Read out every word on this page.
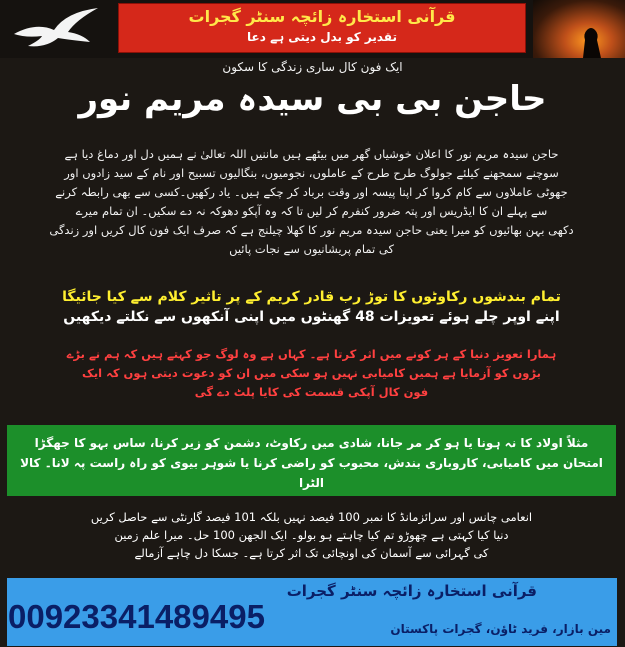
قرآنی استخارہ زائچہ سنٹر گجرات
تقدیر کو بدل دیتی ہے دعا
ایک فون کال ساری زندگی کا سکون
حاجن بی بی سیدہ مریم نور
حاجن سیدہ مریم نور کا اعلان خوشیاں گھر میں بیٹھے ہیں ماننیں اللہ تعالیٰ نے ہمیں دل اور دماغ دیا ہے
سوچنے سمجھنے کیلئے جولوگ طرح طرح کے عاملوں، نجومیوں، بنگالیوں تسبیح اور نام کے سید زادوں اور
جھوٹی عاملاوں سے کام کروا کر اپنا پیسہ اور وقت برباد کر چکے ہیں۔ یاد رکھیں۔کسی سے بھی رابطہ کرنے
سے پہلے ان کا ایڈریس اور پتہ ضرور کنفرم کر لیں تا کہ وہ آپکو دھوکہ نہ دے سکیں۔ ان تمام میرے
دکھی بہن بھائیوں کو میرا یعنی حاجن سیدہ مریم نور کا کھلا چیلنج ہے کہ صرف ایک فون کال کریں اور زندگی
کی تمام پریشانیوں سے نجات پائیں
تمام بندشوں رکاوٹوں کا توڑ رب قادر کریم کے پر تاثیر کلام سے کیا جائیگا
اپنے اوپر چلے ہوئے تعویزات 48 گھنٹوں میں اپنی آنکھوں سے نکلتے دیکھیں
ہمارا تعویز دنیا کے ہر کونے میں اثر کرتا ہے۔ کہاں ہے وہ لوگ جو کہتے ہیں کہ ہم نے بڑے
بڑوں کو آزمایا ہے ہمیں کامیابی نہیں ہو سکی میں ان کو دعوت دیتی ہوں کہ ایک
فون کال آپکی قسمت کی کایا پلٹ دے گی
مثلاً اولاد کا نہ ہونا یا ہو کر مر جانا، شادی میں رکاوٹ، دشمن کو زیر کرنا، ساس بہو کا جھگڑا
امتحان میں کامیابی، کاروباری بندش، محبوب کو راضی کرنا یا شوہر بیوی کو راہ راست پہ لانا۔ کالا الٹرا
انعامی چانس اور سرائزمانڈ کا نمبر 100 فیصد نہیں بلکہ 101 فیصد گارنٹی سے حاصل کریں
دنیا کیا کہتی ہے چھوڑو تم کیا چاہتے ہو بولو۔ ایک الجھن 100 حل۔ میرا علم زمین
کی گہرائی سے آسمان کی اونچائی تک اثر کرتا ہے۔ جسکا دل چاہے آزمالے
قرآنی استخارہ زائچہ سنٹر گجرات
00923341489495	مین بازار، فرید ٹاؤن، گجرات پاکستان
